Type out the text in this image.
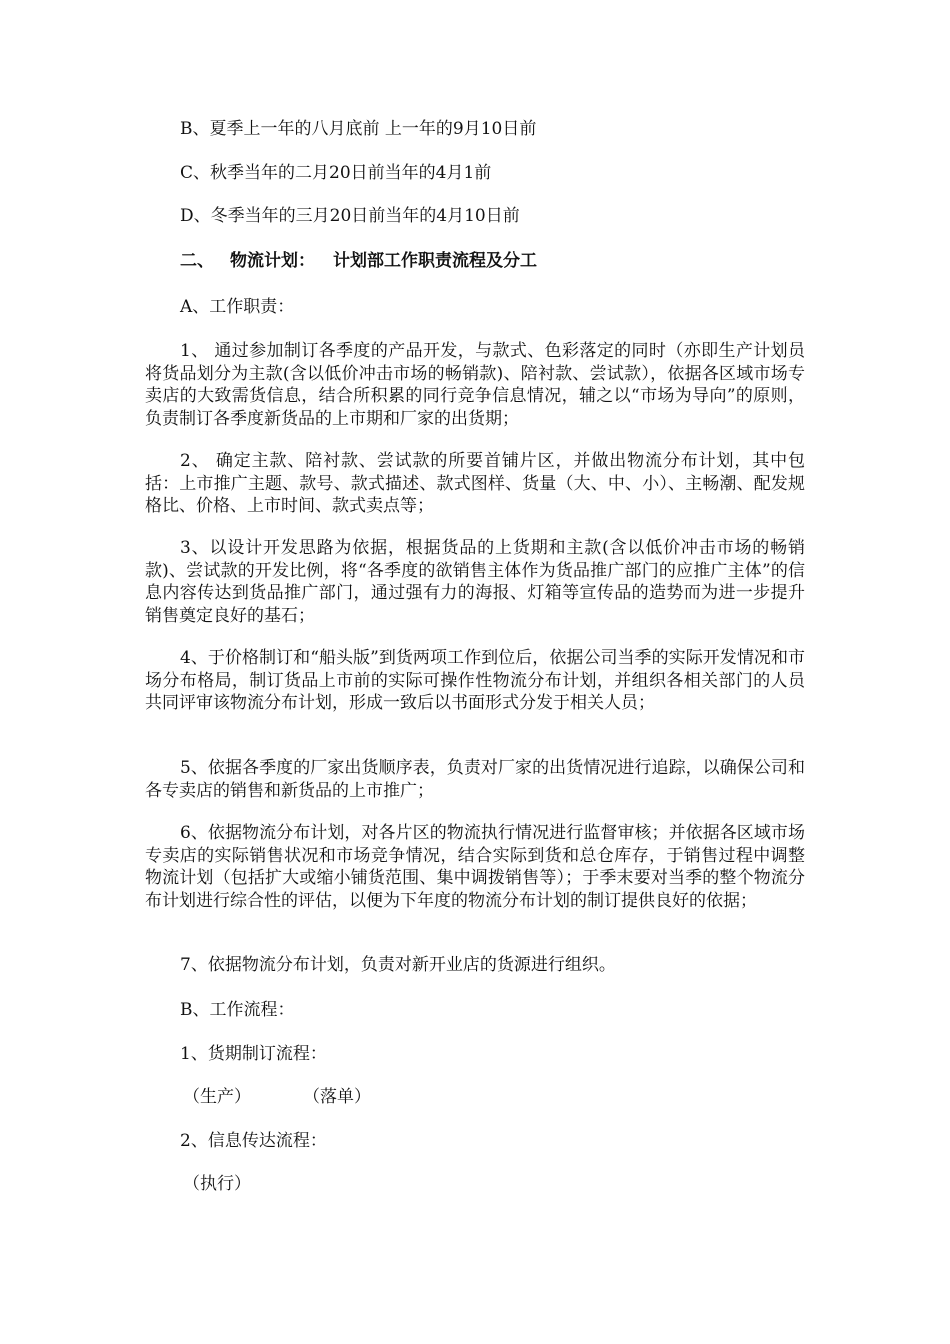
B、夏季上一年的八月底前 上一年的9月10日前

C、秋季当年的二月20日前当年的4月1前

D、冬季当年的三月20日前当年的4月10日前

二、 物流计划： 计划部工作职责流程及分工

A、工作职责：

1、 通过参加制订各季度的产品开发，与款式、色彩落定的同时（亦即生产计划员将货品划分为主款(含以低价冲击市场的畅销款)、陪衬款、尝试款），依据各区域市场专卖店的大致需货信息，结合所积累的同行竞争信息情况，辅之以“市场为导向”的原则，负责制订各季度新货品的上市期和厂家的出货期；

2、 确定主款、陪衬款、尝试款的所要首铺片区，并做出物流分布计划，其中包括：上市推广主题、款号、款式描述、款式图样、货量（大、中、小）、主畅潮、配发规格比、价格、上市时间、款式卖点等；

3、以设计开发思路为依据，根据货品的上货期和主款(含以低价冲击市场的畅销款)、尝试款的开发比例，将“各季度的欲销售主体作为货品推广部门的应推广主体”的信息内容传达到货品推广部门，通过强有力的海报、灯箱等宣传品的造势而为进一步提升销售奠定良好的基石；

4、于价格制订和“船头版”到货两项工作到位后，依据公司当季的实际开发情况和市场分布格局，制订货品上市前的实际可操作性物流分布计划，并组织各相关部门的人员共同评审该物流分布计划，形成一致后以书面形式分发于相关人员；

5、依据各季度的厂家出货顺序表，负责对厂家的出货情况进行追踪，以确保公司和各专卖店的销售和新货品的上市推广；

6、依据物流分布计划，对各片区的物流执行情况进行监督审核；并依据各区域市场专卖店的实际销售状况和市场竞争情况，结合实际到货和总仓库存，于销售过程中调整物流计划（包括扩大或缩小铺货范围、集中调拨销售等）；于季末要对当季的整个物流分布计划进行综合性的评估，以便为下年度的物流分布计划的制订提供良好的依据；

7、依据物流分布计划，负责对新开业店的货源进行组织。

B、工作流程：

1、货期制订流程：

（生产）	（落单）

2、信息传达流程：

（执行）
